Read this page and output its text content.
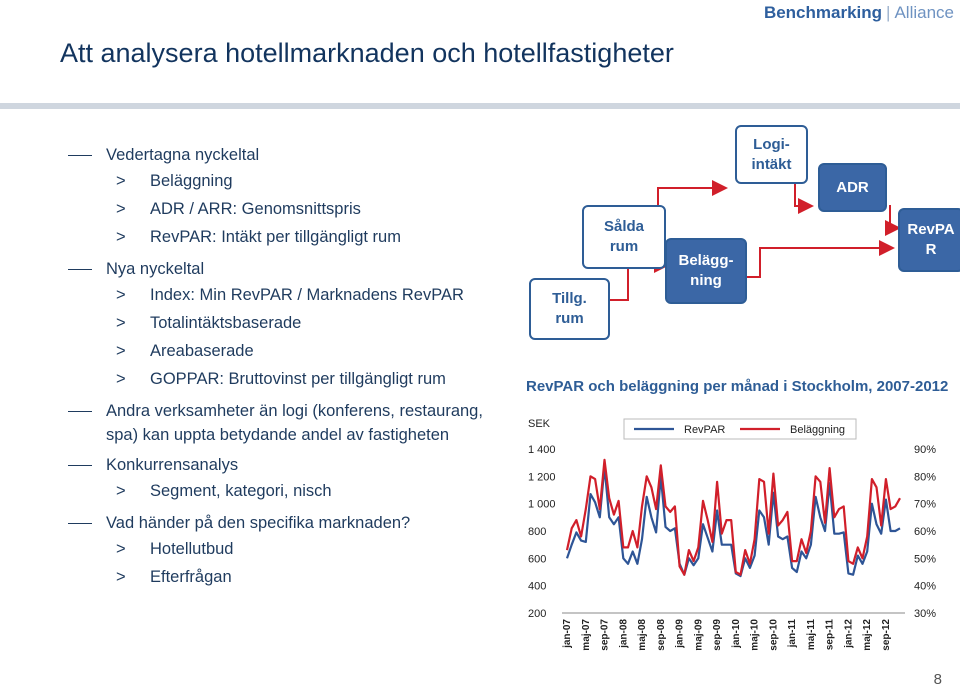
Benchmarking | Alliance
Att analysera hotellmarknaden och hotellfastigheter
Vedertagna nyckeltal
> Beläggning
> ADR / ARR: Genomsnittspris
> RevPAR: Intäkt per tillgängligt rum
Nya nyckeltal
> Index: Min RevPAR / Marknadens RevPAR
> Totalintäktsbaserade
> Areabaserade
> GOPPAR: Bruttovinst per tillgängligt rum
Andra verksamheter än logi (konferens, restaurang, spa) kan uppta betydande andel av fastigheten
Konkurrensanalys
> Segment, kategori, nisch
Vad händer på den specifika marknaden?
> Hotellutbud
> Efterfrågan
Tillg.
rum
Sålda
rum
Belägg-
ning
Logi-
intäkt
ADR
RevPA
R
RevPAR och beläggning per månad i Stockholm, 2007-2012
SEK
1 400
1 200
1 000
800
600
400
200
90%
80%
70%
60%
50%
40%
30%
jan-07 maj-07 sep-07 jan-08 maj-08 sep-08 jan-09 maj-09 sep-09 jan-10 maj-10 sep-10 jan-11 maj-11 sep-11 jan-12 maj-12 sep-12
RevPAR	Beläggning
8
